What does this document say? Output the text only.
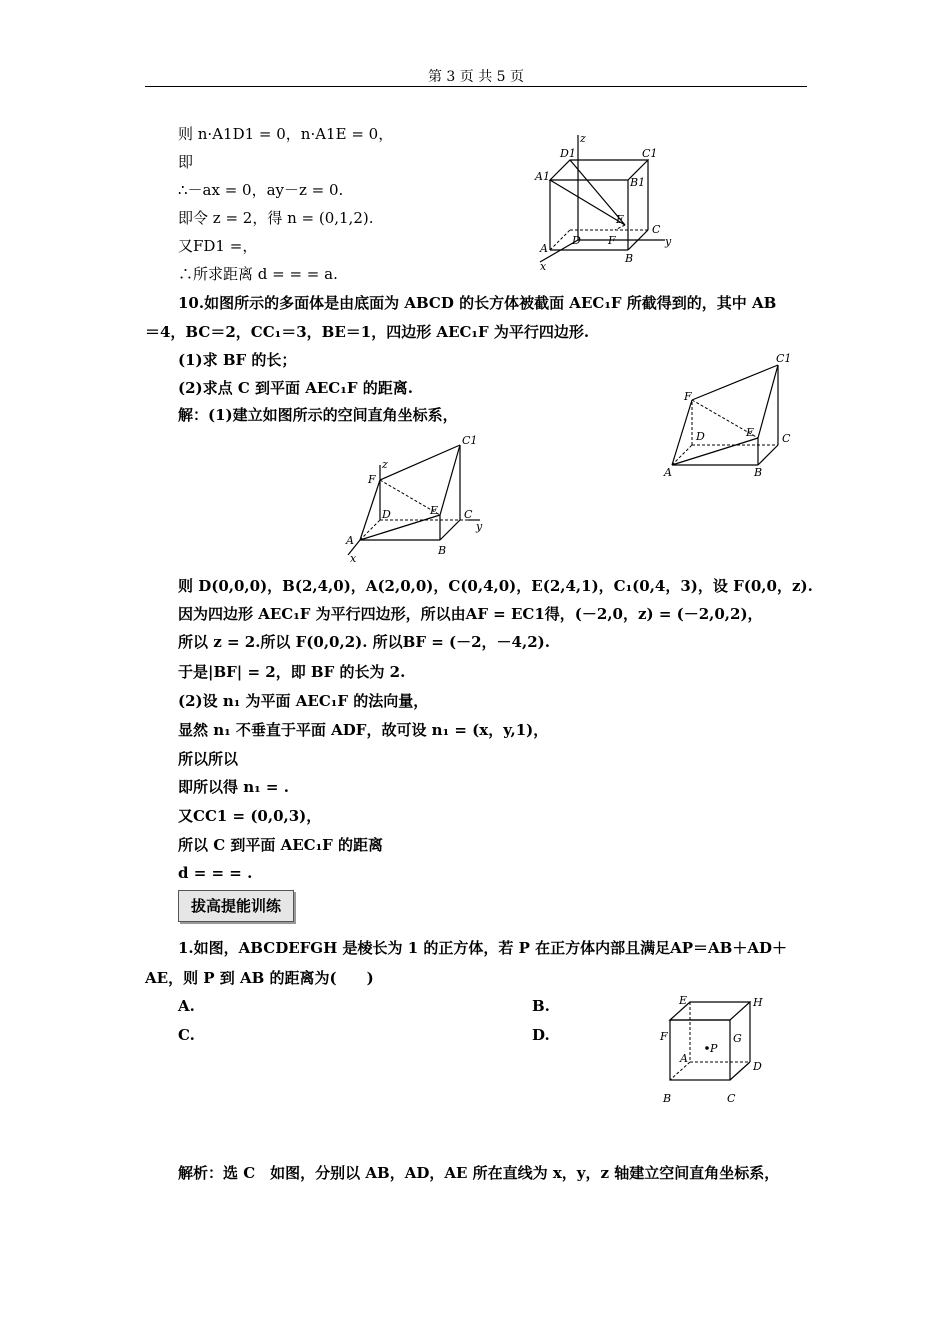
第 3 页 共 5 页
则 n·A1D1 = 0，n·A1E = 0，
即
∴－ax = 0，ay－z = 0.
即令 z = 2，得 n = (0,1,2).
又FD1 =，
∴所求距离 d = = = a.
10.如图所示的多面体是由底面为 ABCD 的长方体被截面 AEC₁F 所截得到的，其中 AB
＝4，BC＝2，CC₁＝3，BE＝1，四边形 AEC₁F 为平行四边形.
(1)求 BF 的长；
(2)求点 C 到平面 AEC₁F 的距离.
解：(1)建立如图所示的空间直角坐标系，
则 D(0,0,0)，B(2,4,0)，A(2,0,0)，C(0,4,0)，E(2,4,1)，C₁(0,4，3)，设 F(0,0，z).
因为四边形 AEC₁F 为平行四边形，所以由AF = EC1得，(－2,0，z) = (－2,0,2)，
所以 z = 2.所以 F(0,0,2). 所以BF = (－2，－4,2).
于是|BF| = 2，即 BF 的长为 2.
(2)设 n₁ 为平面 AEC₁F 的法向量，
显然 n₁ 不垂直于平面 ADF，故可设 n₁ = (x，y,1)，
所以所以
即所以得 n₁ = .
又CC1 = (0,0,3)，
所以 C 到平面 AEC₁F 的距离
d = = = .
拔高提能训练
1.如图，ABCDEFGH 是棱长为 1 的正方体，若 P 在正方体内部且满足AP＝AB＋AD＋
AE，则 P 到 AB 的距离为(　　)
A.	B.
C.	D.
解析：选 C　如图，分别以 AB，AD，AE 所在直线为 x，y，z 轴建立空间直角坐标系，
z
y
x
A
B
C
D
A1	B1
C1
D1
E
F
A	B
C
D	E
F
C1
z
y
x
A
B
C
D	E
F
C1
E	H
F	G
A
P
D
B	C
